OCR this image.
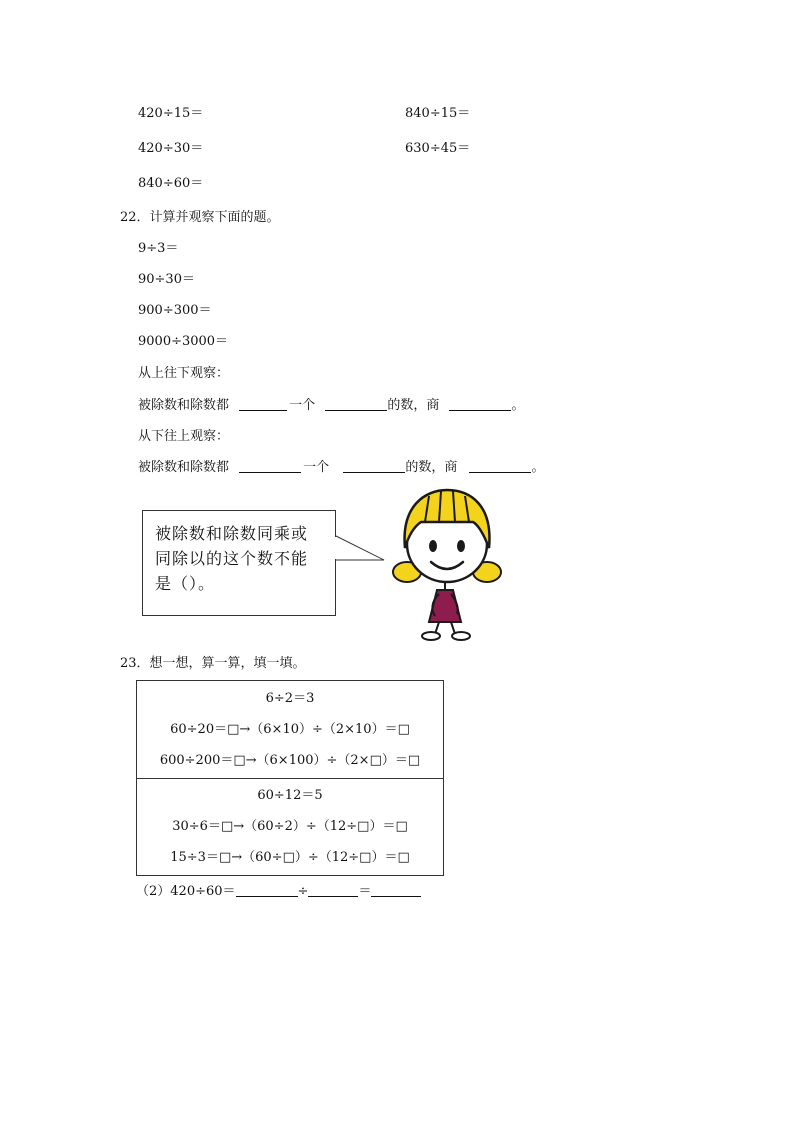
420÷15＝	840÷15＝
420÷30＝	630÷45＝
840÷60＝
22．计算并观察下面的题。
9÷3＝
90÷30＝
900÷300＝
9000÷3000＝
从上往下观察：
被除数和除数都	一个	的数，商	。
从下往上观察：
被除数和除数都	一个	的数，商	。
被除数和除数同乘或同除以的这个数不能是（）。
23．想一想，算一算，填一填。
6÷2＝3
60÷20＝□→（6×10）÷（2×10）＝□
600÷200＝□→（6×100）÷（2×□）＝□
60÷12＝5
30÷6＝□→（60÷2）÷（12÷□）＝□
15÷3＝□→（60÷□）÷（12÷□）＝□
（2）420÷60＝	÷	＝
